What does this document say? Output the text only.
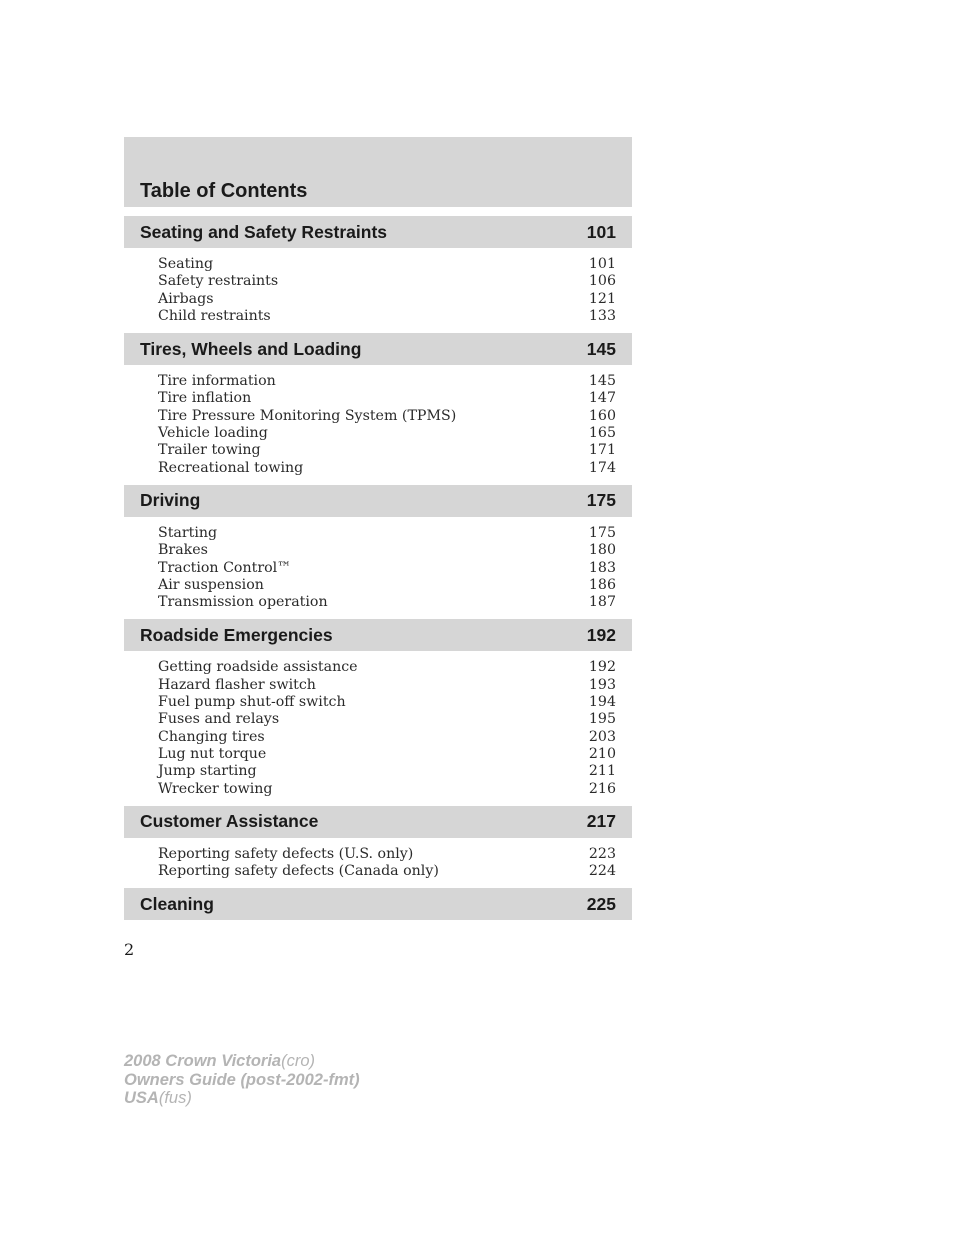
Table of Contents
Seating and Safety Restraints	101
Seating	101
Safety restraints	106
Airbags	121
Child restraints	133
Tires, Wheels and Loading	145
Tire information	145
Tire inflation	147
Tire Pressure Monitoring System (TPMS)	160
Vehicle loading	165
Trailer towing	171
Recreational towing	174
Driving	175
Starting	175
Brakes	180
Traction Control™	183
Air suspension	186
Transmission operation	187
Roadside Emergencies	192
Getting roadside assistance	192
Hazard flasher switch	193
Fuel pump shut-off switch	194
Fuses and relays	195
Changing tires	203
Lug nut torque	210
Jump starting	211
Wrecker towing	216
Customer Assistance	217
Reporting safety defects (U.S. only)	223
Reporting safety defects (Canada only)	224
Cleaning	225
2
2008 Crown Victoria(cro)
Owners Guide (post-2002-fmt)
USA(fus)
